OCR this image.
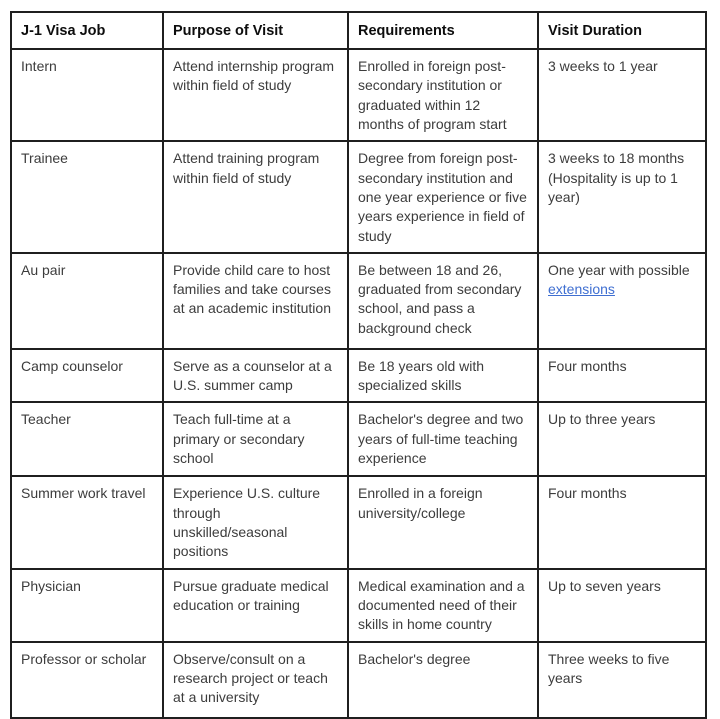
J-1 Visa Job	Purpose of Visit	Requirements	Visit Duration
Intern	Attend internship program within field of study	Enrolled in foreign post-secondary institution or graduated within 12 months of program start	3 weeks to 1 year
Trainee	Attend training program within field of study	Degree from foreign post-secondary institution and one year experience or five years experience in field of study	3 weeks to 18 months (Hospitality is up to 1 year)
Au pair	Provide child care to host families and take courses at an academic institution	Be between 18 and 26, graduated from secondary school, and pass a background check	One year with possible extensions
Camp counselor	Serve as a counselor at a U.S. summer camp	Be 18 years old with specialized skills	Four months
Teacher	Teach full-time at a primary or secondary school	Bachelor's degree and two years of full-time teaching experience	Up to three years
Summer work travel	Experience U.S. culture through unskilled/seasonal positions	Enrolled in a foreign university/college	Four months
Physician	Pursue graduate medical education or training	Medical examination and a documented need of their skills in home country	Up to seven years
Professor or scholar	Observe/consult on a research project or teach at a university	Bachelor's degree	Three weeks to five years
